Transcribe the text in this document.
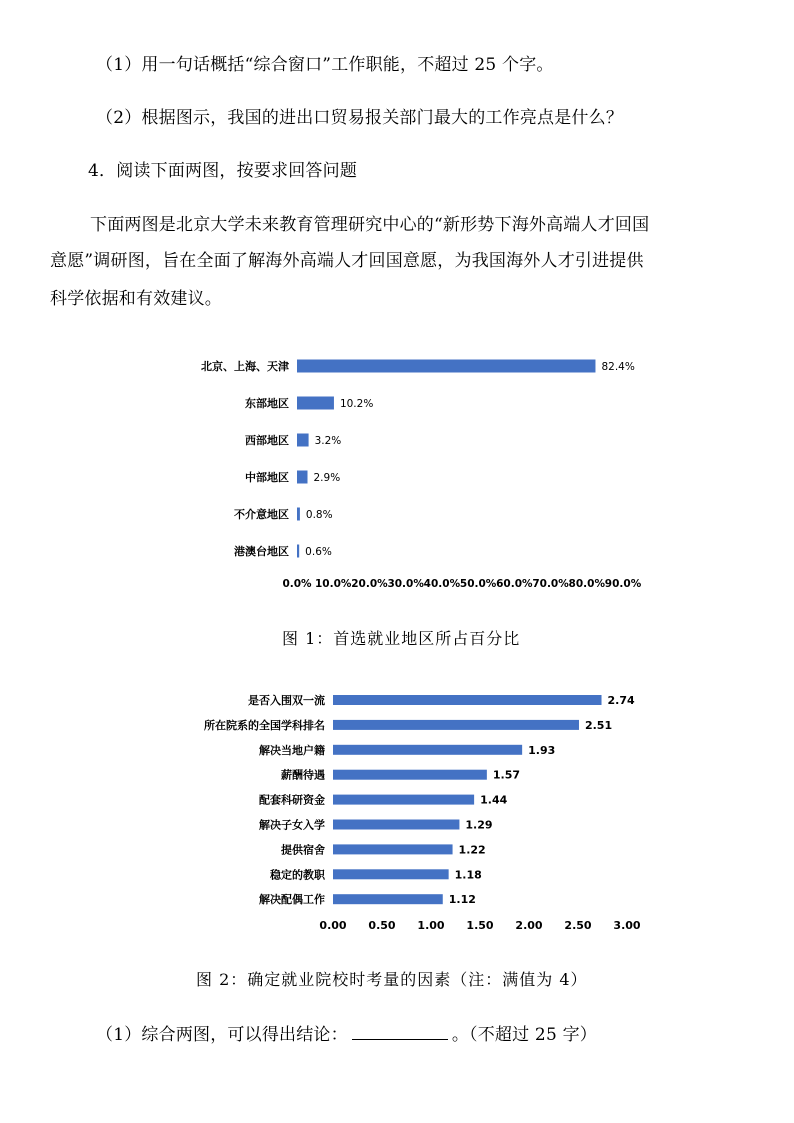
（1）用一句话概括“综合窗口”工作职能，不超过 25 个字。
（2）根据图示，我国的进出口贸易报关部门最大的工作亮点是什么？
4．阅读下面两图，按要求回答问题
下面两图是北京大学未来教育管理研究中心的“新形势下海外高端人才回国
意愿”调研图，旨在全面了解海外高端人才回国意愿，为我国海外人才引进提供
科学依据和有效建议。
北京、上海、天津	82.4%
东部地区	10.2%
西部地区 3.2%
中部地区 2.9%
不介意地区 0.8%
港澳台地区 0.6%
0.0% 10.0% 20.0% 30.0% 40.0% 50.0% 60.0% 70.0% 80.0% 90.0%
是否入围双一流	2.74
所在院系的全国学科排名	2.51
解决当地户籍	1.93
薪酬待遇	1.57
配套科研资金	1.44
解决子女入学	1.29
提供宿舍	1.22
稳定的教职	1.18
解决配偶工作	1.12
0.00 0.50 1.00 1.50 2.00 2.50 3.00
图 1：首选就业地区所占百分比
图 2：确定就业院校时考量的因素（注：满值为 4）
（1）综合两图，可以得出结论：	。（不超过 25 字）
